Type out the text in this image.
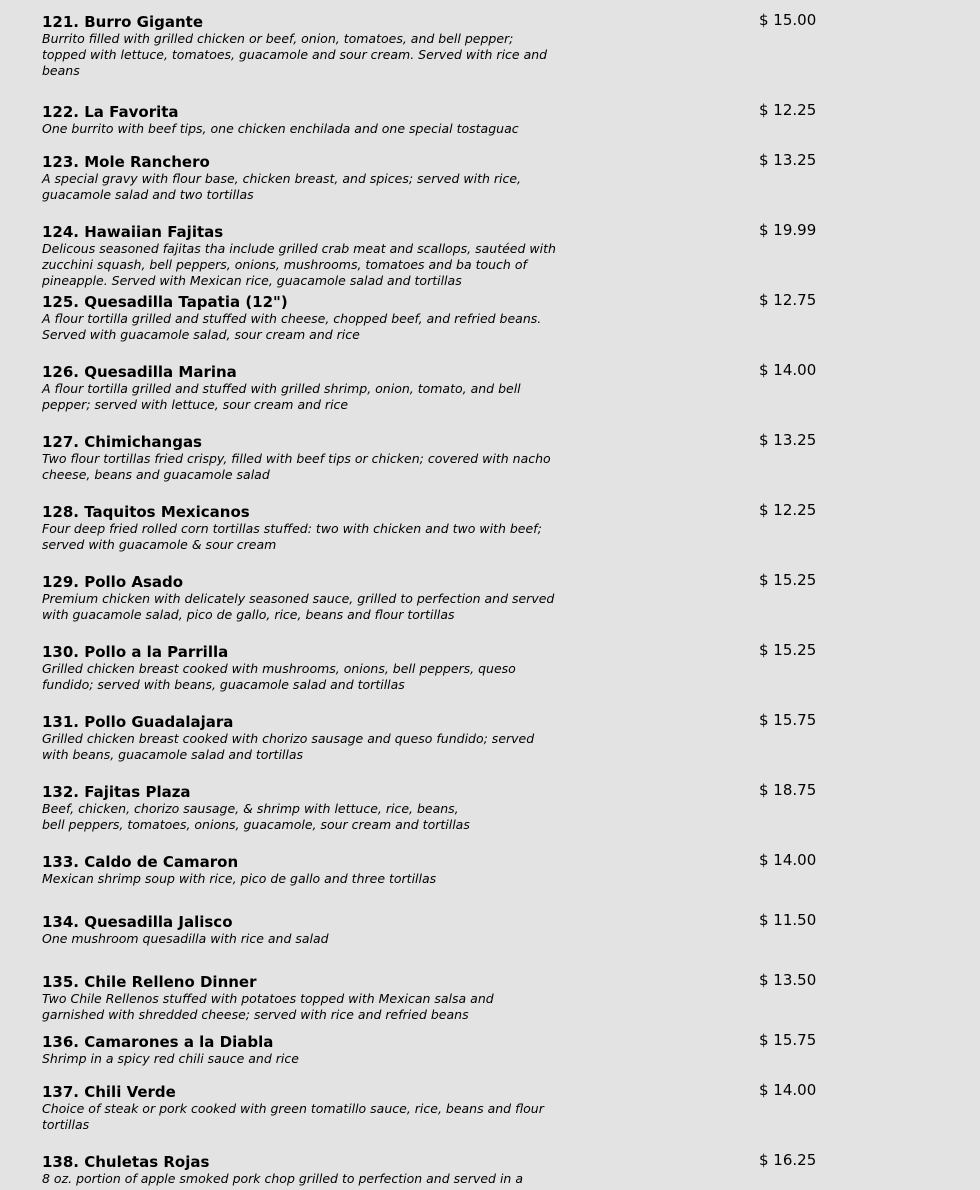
121. Burro Gigante	$ 15.00
Burrito filled with grilled chicken or beef, onion, tomatoes, and bell pepper; topped with lettuce, tomatoes, guacamole and sour cream. Served with rice and beans
122. La Favorita	$ 12.25
One burrito with beef tips, one chicken enchilada and one special tostaguac
123. Mole Ranchero	$ 13.25
A special gravy with flour base, chicken breast, and spices; served with rice, guacamole salad and two tortillas
124. Hawaiian Fajitas	$ 19.99
Delicous seasoned fajitas tha include grilled crab meat and scallops, sautéed with zucchini squash, bell peppers, onions, mushrooms, tomatoes and ba touch of pineapple. Served with Mexican rice, guacamole salad and tortillas
125. Quesadilla Tapatia (12")	$ 12.75
A flour tortilla grilled and stuffed with cheese, chopped beef, and refried beans. Served with guacamole salad, sour cream and rice
126. Quesadilla Marina	$ 14.00
A flour tortilla grilled and stuffed with grilled shrimp, onion, tomato, and bell pepper; served with lettuce, sour cream and rice
127. Chimichangas	$ 13.25
Two flour tortillas fried crispy, filled with beef tips or chicken; covered with nacho cheese, beans and guacamole salad
128. Taquitos Mexicanos	$ 12.25
Four deep fried rolled corn tortillas stuffed: two with chicken and two with beef; served with guacamole & sour cream
129. Pollo Asado	$ 15.25
Premium chicken with delicately seasoned sauce, grilled to perfection and served with guacamole salad, pico de gallo, rice, beans and flour tortillas
130. Pollo a la Parrilla	$ 15.25
Grilled chicken breast cooked with mushrooms, onions, bell peppers, queso fundido; served with beans, guacamole salad and tortillas
131. Pollo Guadalajara	$ 15.75
Grilled chicken breast cooked with chorizo sausage and queso fundido; served with beans, guacamole salad and tortillas
132. Fajitas Plaza	$ 18.75
Beef, chicken, chorizo sausage, & shrimp with lettuce, rice, beans, bell peppers, tomatoes, onions, guacamole, sour cream and tortillas
133. Caldo de Camaron	$ 14.00
Mexican shrimp soup with rice, pico de gallo and three tortillas
134. Quesadilla Jalisco	$ 11.50
One mushroom quesadilla with rice and salad
135. Chile Relleno Dinner	$ 13.50
Two Chile Rellenos stuffed with potatoes topped with Mexican salsa and garnished with shredded cheese; served with rice and refried beans
136. Camarones a la Diabla	$ 15.75
Shrimp in a spicy red chili sauce and rice
137. Chili Verde	$ 14.00
Choice of steak or pork cooked with green tomatillo sauce, rice, beans and flour tortillas
138. Chuletas Rojas	$ 16.25
8 oz. portion of apple smoked pork chop grilled to perfection and served in a
